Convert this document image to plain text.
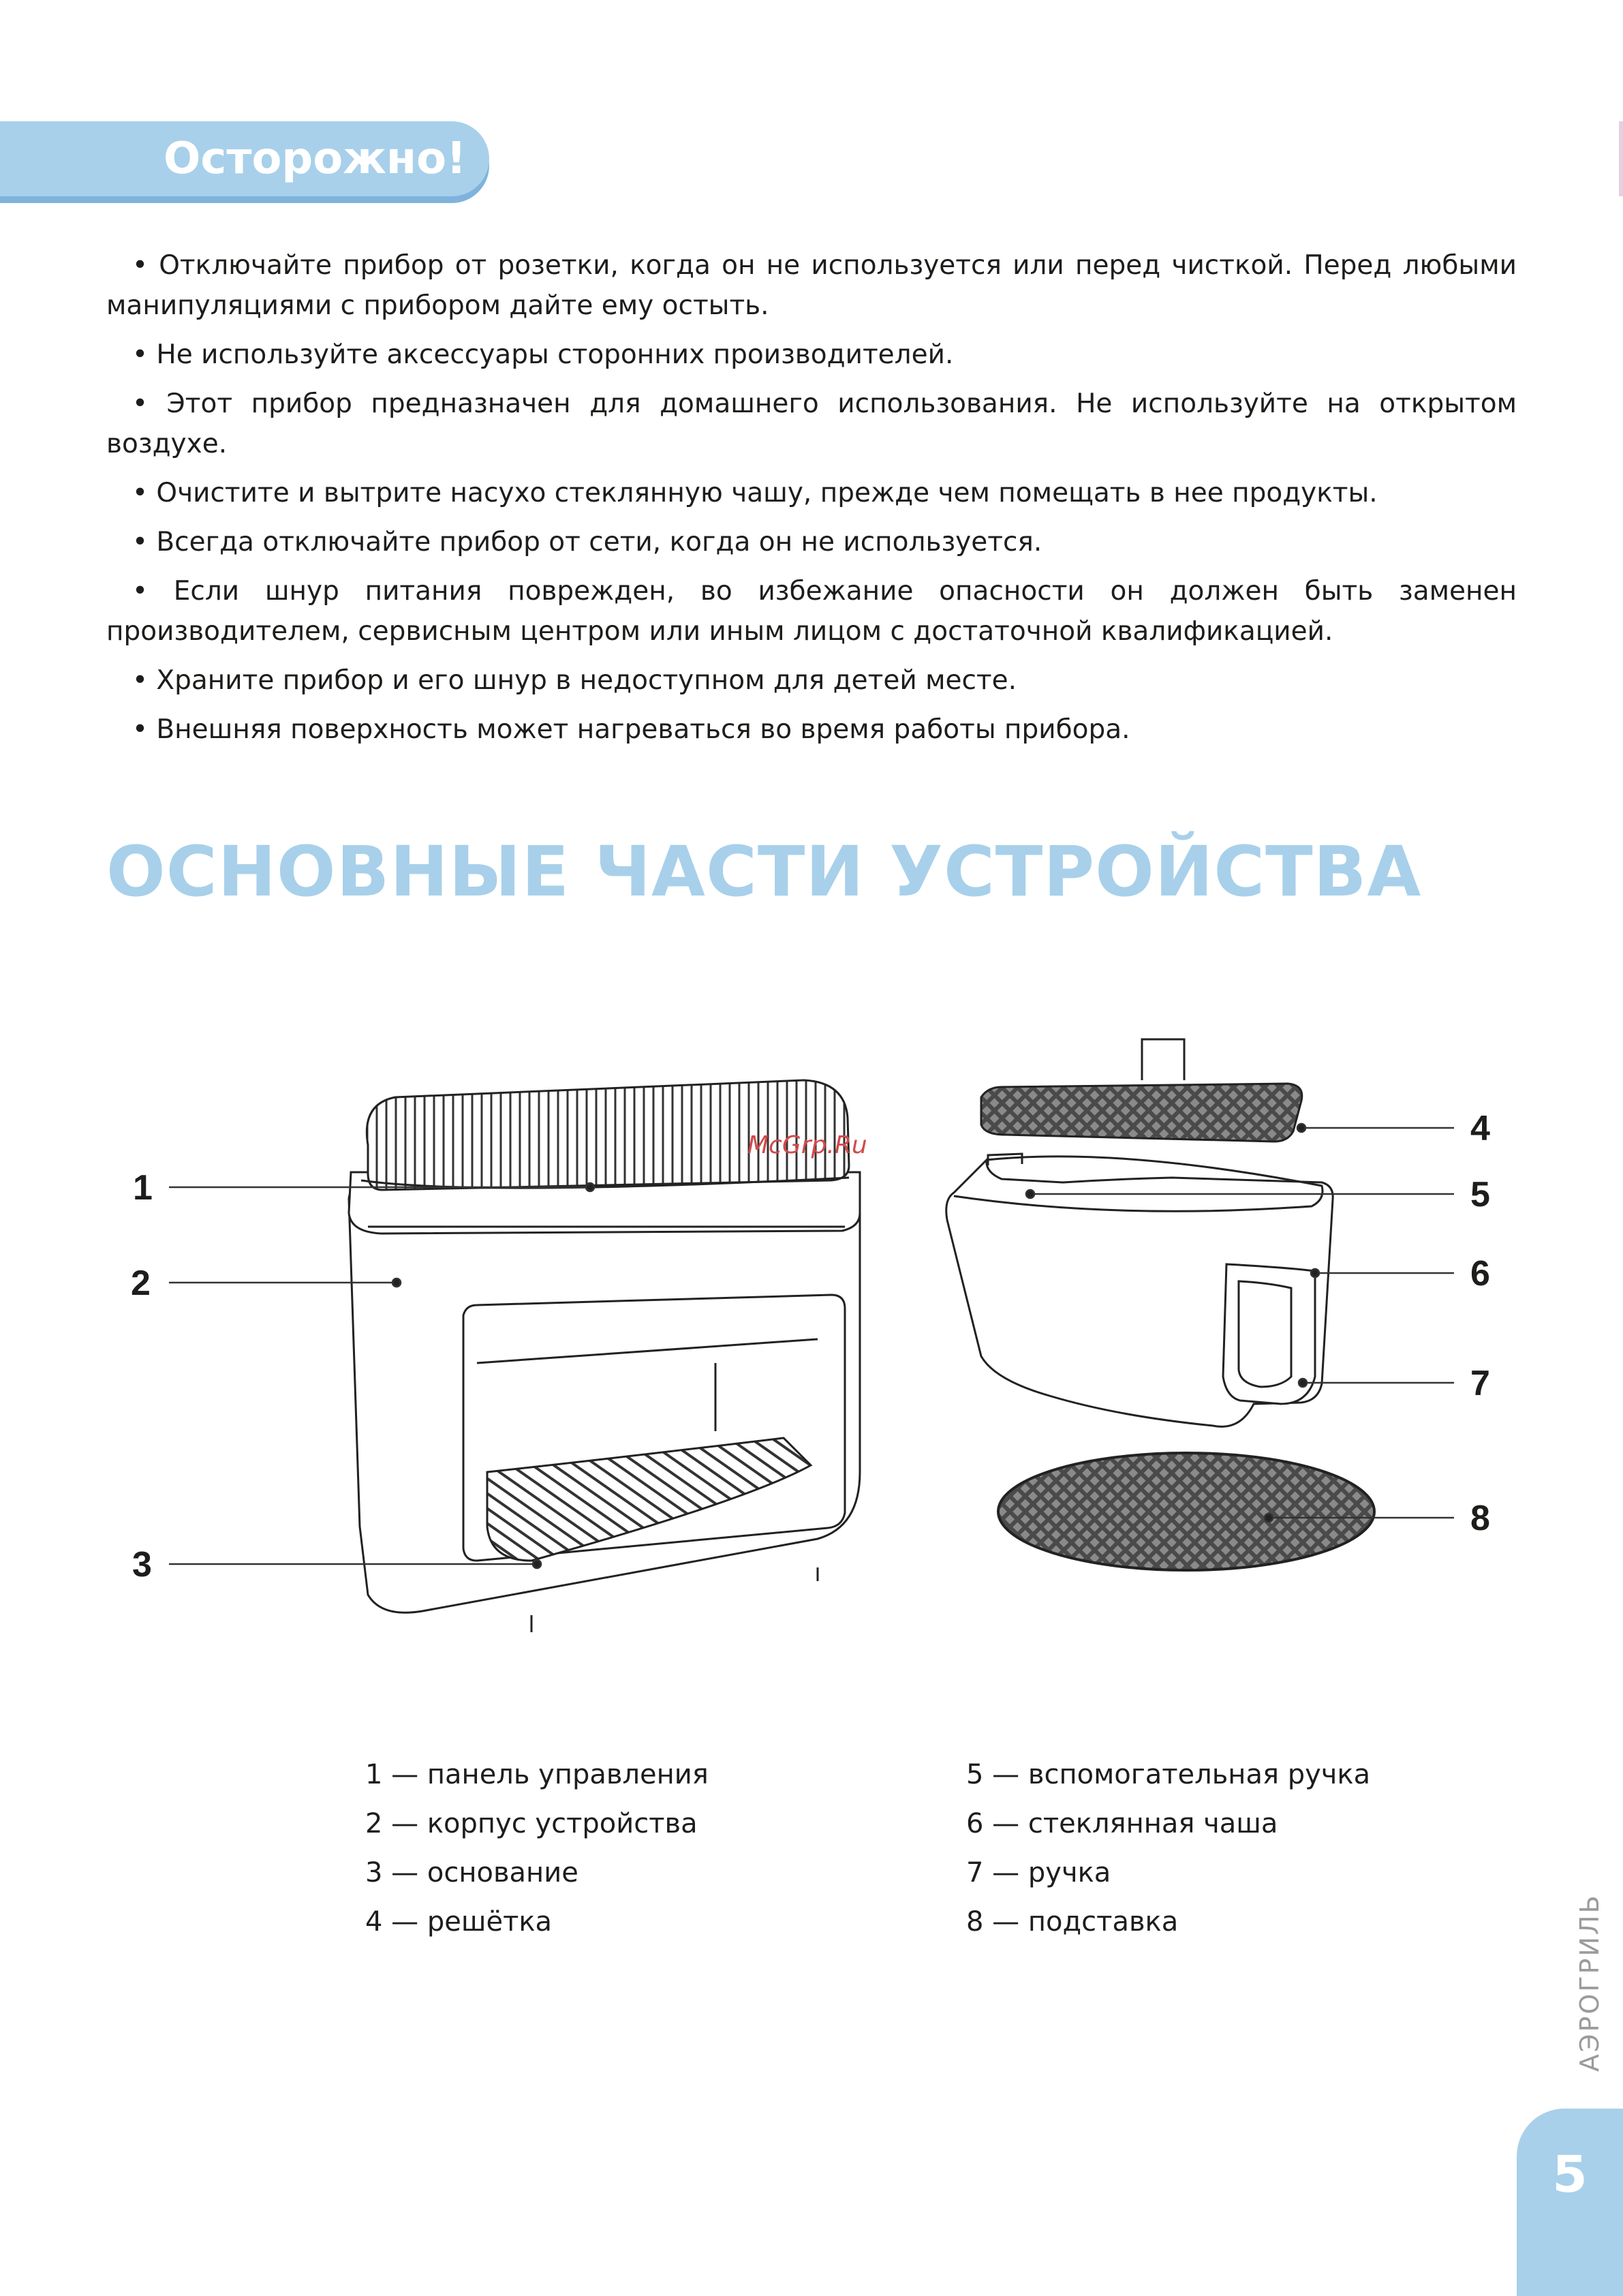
Осторожно!

• Отключайте прибор от розетки, когда он не используется или перед чисткой. Перед любыми манипуляциями с прибором дайте ему остыть.

• Не используйте аксессуары сторонних производителей.

• Этот прибор предназначен для домашнего использования. Не используйте на открытом воздухе.

• Очистите и вытрите насухо стеклянную чашу, прежде чем помещать в нее продукты.

• Всегда отключайте прибор от сети, когда он не используется.

• Если шнур питания поврежден, во избежание опасности он должен быть заменен производителем, сервисным центром или иным лицом с достаточной квалификацией.

• Храните прибор и его шнур в недоступном для детей месте.

• Внешняя поверхность может нагреваться во время работы прибора.

ОСНОВНЫЕ ЧАСТИ УСТРОЙСТВА
1
2
3
4
5
6
7
8
McGrp.Ru
1 — панель управления
2 — корпус устройства
3 — основание
4 — решётка
5 — вспомогательная ручка
6 — стеклянная чаша
7 — ручка
8 — подставка	АЭРОГРИЛЬ
5
